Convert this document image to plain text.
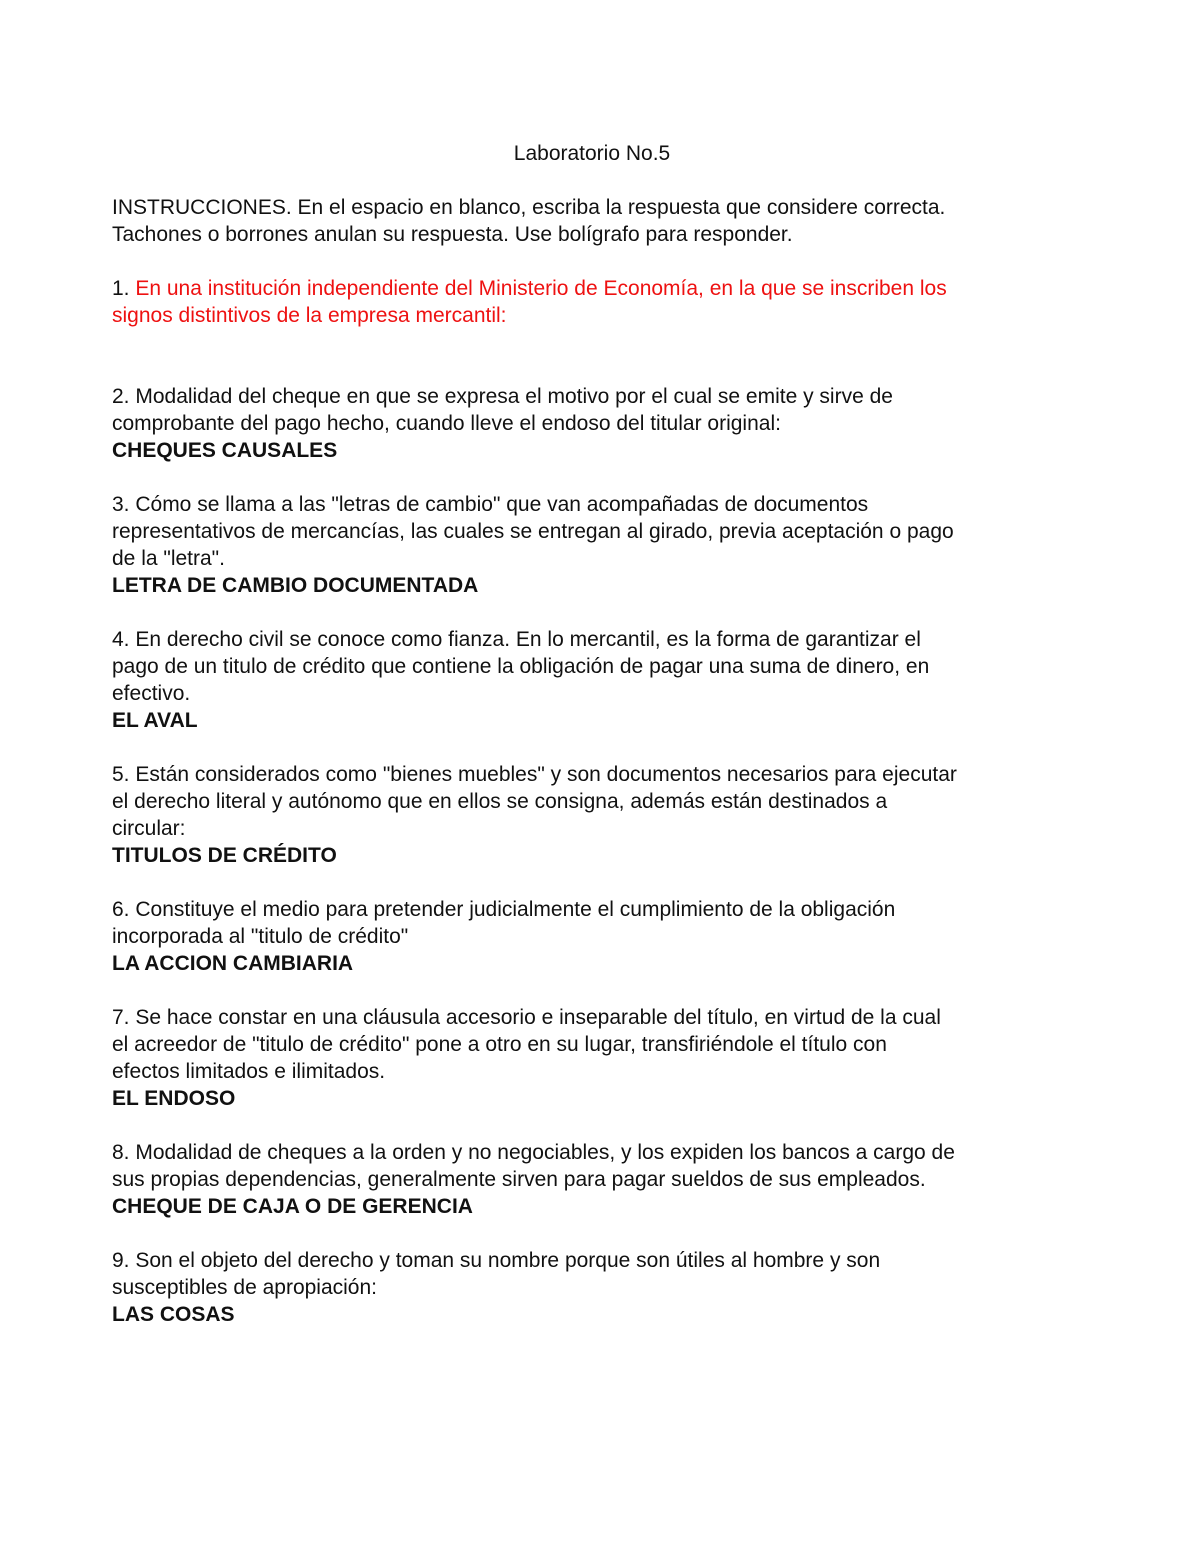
Laboratorio No.5

INSTRUCCIONES. En el espacio en blanco, escriba la respuesta que considere correcta.

Tachones o borrones anulan su respuesta. Use bolígrafo para responder.

1. En una institución independiente del Ministerio de Economía, en la que se inscriben los

signos distintivos de la empresa mercantil:

2. Modalidad del cheque en que se expresa el motivo por el cual se emite y sirve de

comprobante del pago hecho, cuando lleve el endoso del titular original:

CHEQUES CAUSALES

3. Cómo se llama a las "letras de cambio" que van acompañadas de documentos

representativos de mercancías, las cuales se entregan al girado, previa aceptación o pago

de la "letra".

LETRA DE CAMBIO DOCUMENTADA

4. En derecho civil se conoce como fianza. En lo mercantil, es la forma de garantizar el

pago de un titulo de crédito que contiene la obligación de pagar una suma de dinero, en

efectivo.

EL AVAL

5. Están considerados como "bienes muebles" y son documentos necesarios para ejecutar

el derecho literal y autónomo que en ellos se consigna, además están destinados a

circular:

TITULOS DE CRÉDITO

6. Constituye el medio para pretender judicialmente el cumplimiento de la obligación

incorporada al "titulo de crédito"

LA ACCION CAMBIARIA

7. Se hace constar en una cláusula accesorio e inseparable del título, en virtud de la cual

el acreedor de "titulo de crédito" pone a otro en su lugar, transfiriéndole el título con

efectos limitados e ilimitados.

EL ENDOSO

8. Modalidad de cheques a la orden y no negociables, y los expiden los bancos a cargo de

sus propias dependencias, generalmente sirven para pagar sueldos de sus empleados.

CHEQUE DE CAJA O DE GERENCIA

9. Son el objeto del derecho y toman su nombre porque son útiles al hombre y son

susceptibles de apropiación:

LAS COSAS
